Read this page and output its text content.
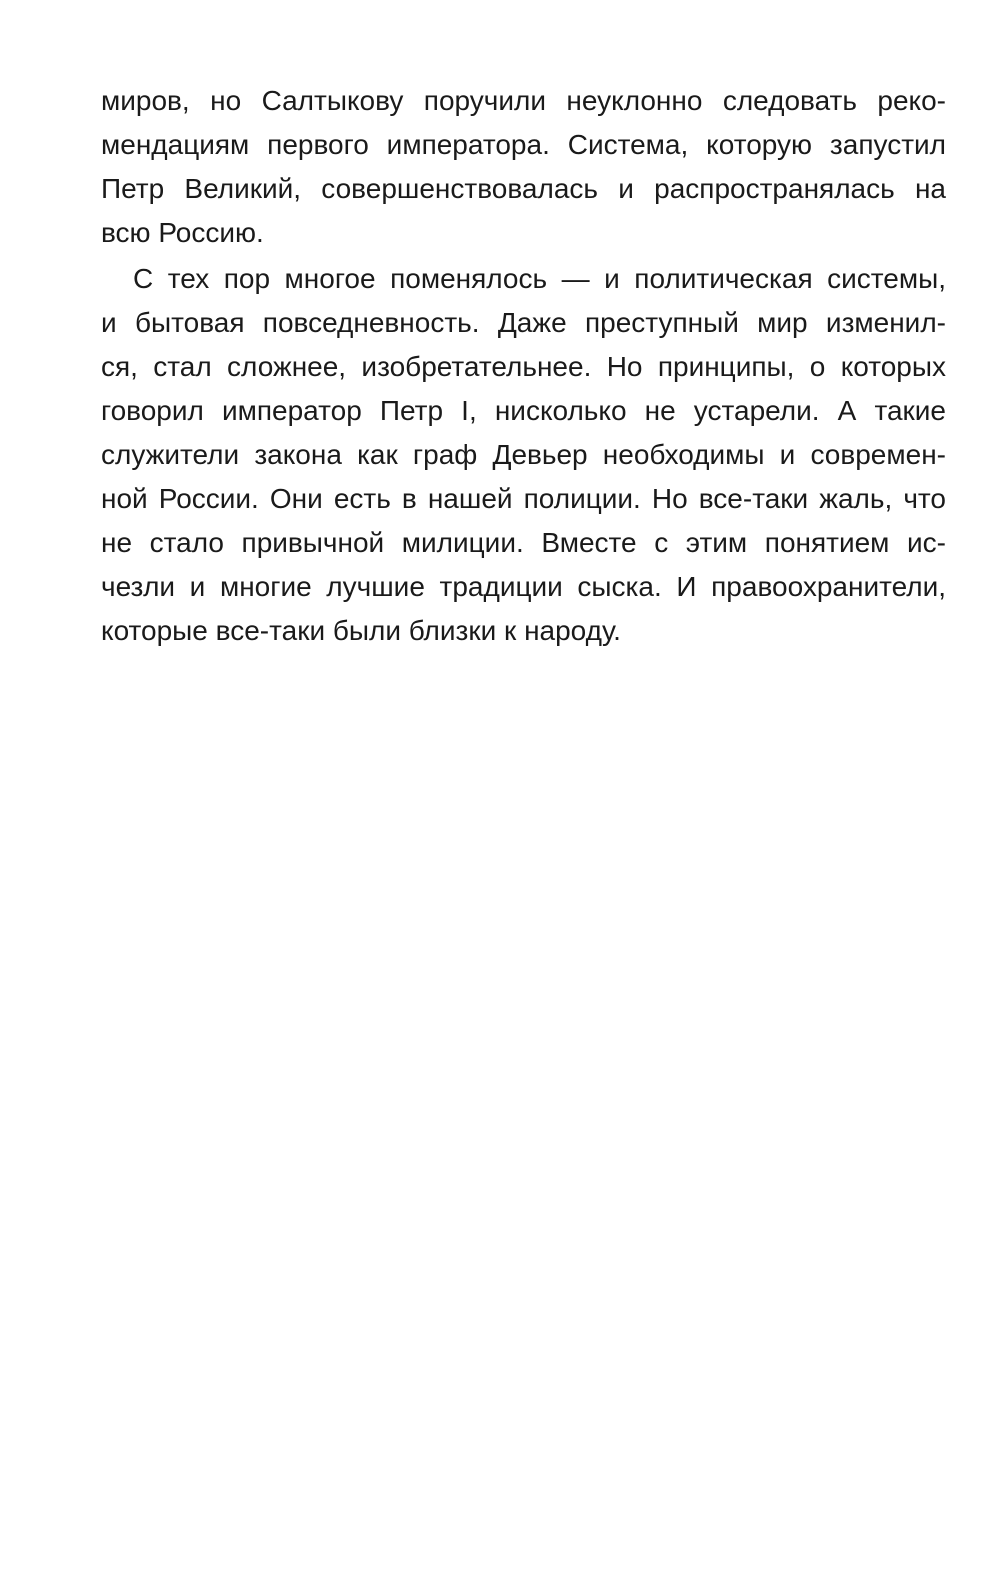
миров, но Салтыкову поручили неуклонно следовать реко-
мендациям первого императора. Система, которую запустил
Петр Великий, совершенствовалась и распространялась на
всю Россию.
С тех пор многое поменялось — и политическая системы,
и бытовая повседневность. Даже преступный мир изменил-
ся, стал сложнее, изобретательнее. Но принципы, о которых
говорил император Петр I, нисколько не устарели. А такие
служители закона как граф Девьер необходимы и современ-
ной России. Они есть в нашей полиции. Но все-таки жаль, что
не стало привычной милиции. Вместе с этим понятием ис-
чезли и многие лучшие традиции сыска. И правоохранители,
которые все-таки были близки к народу.
